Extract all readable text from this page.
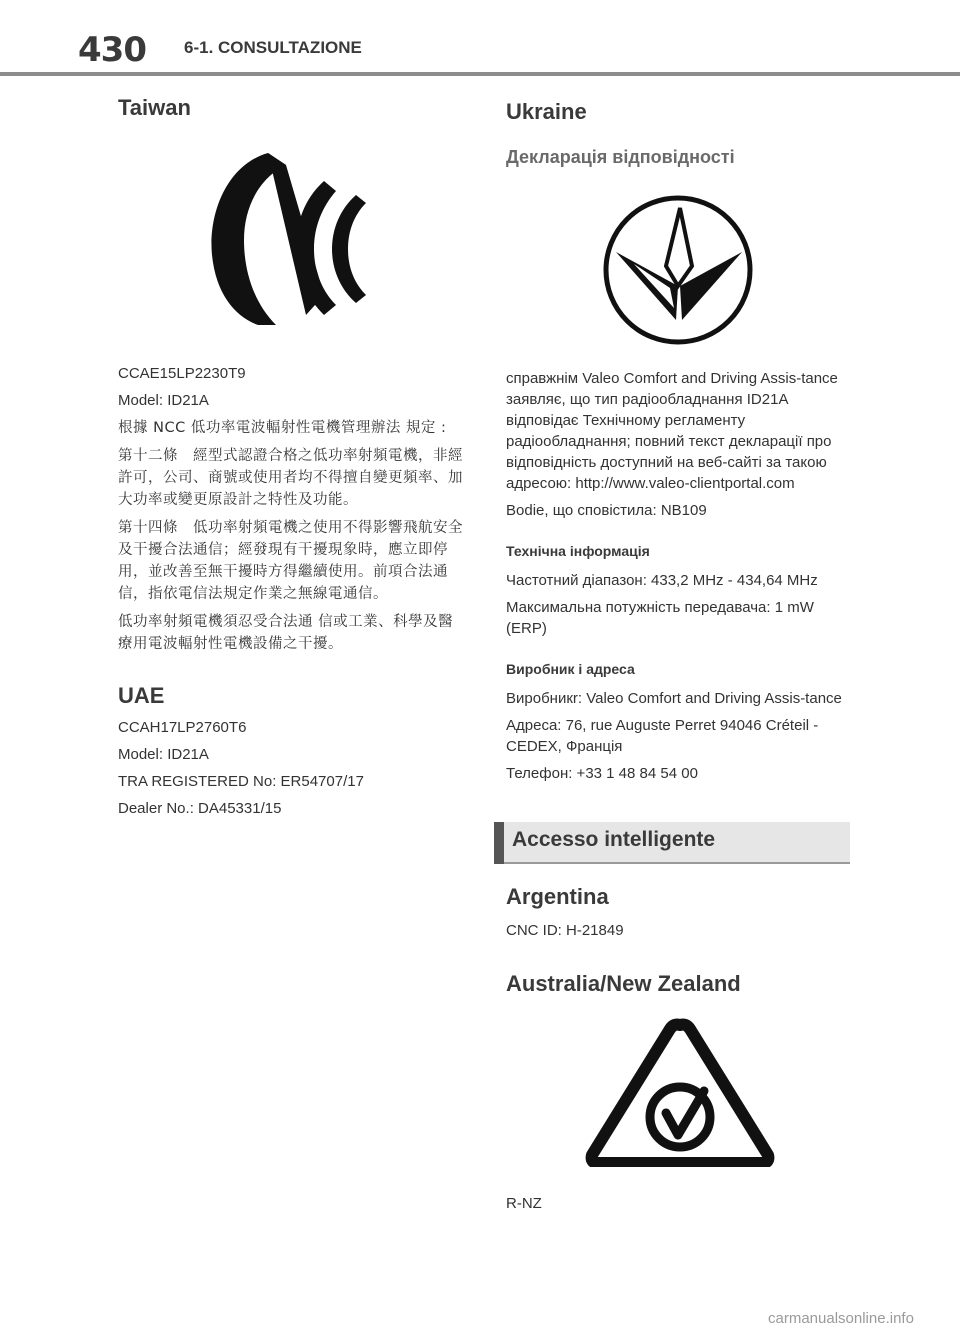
430 6-1. CONSULTAZIONE
Taiwan

CCAE15LP2230T9

Model: ID21A

根據 NCC 低功率電波輻射性電機管理辦法 規定 :

第十二條　經型式認證合格之低功率射頻電機，非經許可，公司、商號或使用者均不得擅自變更頻率、加大功率或變更原設計之特性及功能。

第十四條　低功率射頻電機之使用不得影響飛航安全及干擾合法通信；經發現有干擾現象時，應立即停用，並改善至無干擾時方得繼續使用。前項合法通信，指依電信法規定作業之無線電通信。

低功率射頻電機須忍受合法通 信或工業、科學及醫療用電波輻射性電機設備之干擾。

UAE

CCAH17LP2760T6

Model: ID21A

TRA REGISTERED No: ER54707/17

Dealer No.: DA45331/15

Ukraine
Декларація відповідності

справжнім Valeo Comfort and Driving Assis-tance заявляє, що тип радіообладнання ID21A відповідає Технічному регламенту радіообладнання; повний текст декларації про відповідність доступний на веб-сайті за такою адресою: http://www.valeo-clientportal.com

Bodie, що сповістила: NB109

Технічна інформація

Частотний діапазон: 433,2 MHz - 434,64 MHz

Максимальна потужність передавача: 1 mW (ERP)

Виробник і адреса

Виробникr: Valeo Comfort and Driving Assis-tance

Адреса: 76, rue Auguste Perret 94046 Créteil - CEDEX, Франція

Телефон: +33 1 48 84 54 00

Accesso intelligente
Argentina

CNC ID: H-21849

Australia/New Zealand

R-NZ

carmanualsonline.info
